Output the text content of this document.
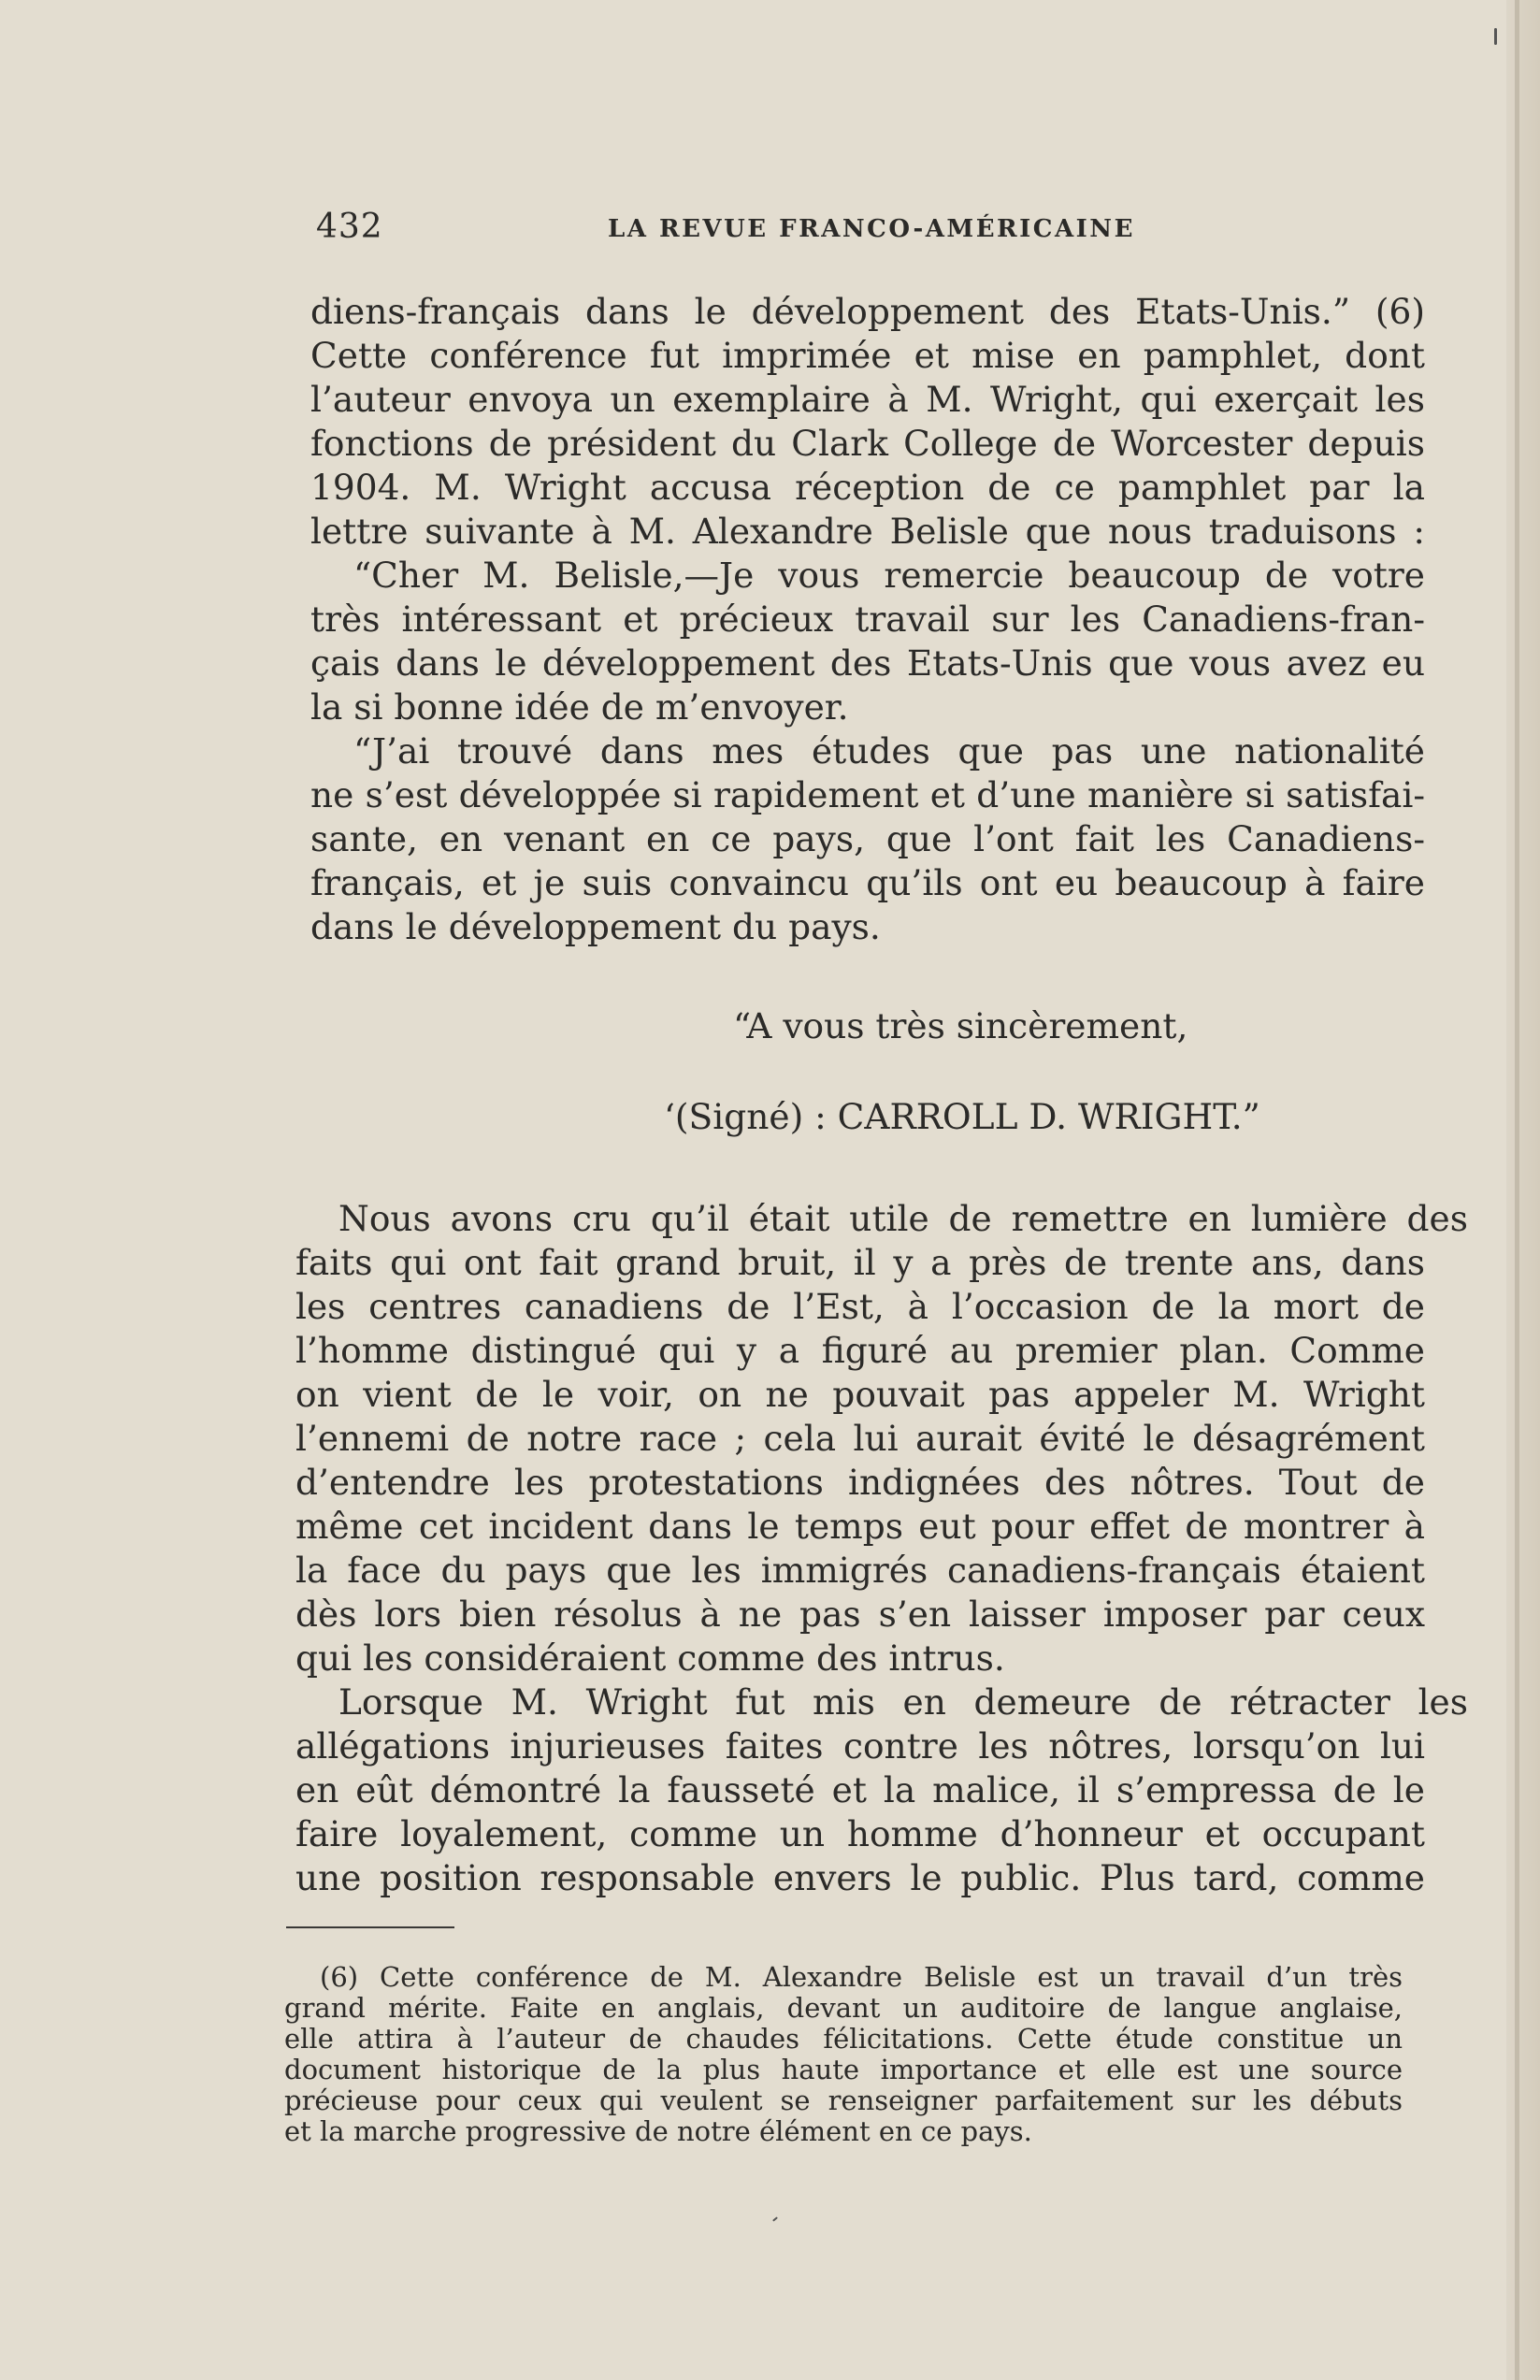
432	LA REVUE FRANCO-AMÉRICAINE
diens-français dans le développement des Etats-Unis.” (6)
Cette conférence fut imprimée et mise en pamphlet, dont
l’auteur envoya un exemplaire à M. Wright, qui exerçait les
fonctions de président du Clark College de Worcester depuis
1904. M. Wright accusa réception de ce pamphlet par la
lettre suivante à M. Alexandre Belisle que nous traduisons :
“Cher M. Belisle,—Je vous remercie beaucoup de votre
très intéressant et précieux travail sur les Canadiens-fran-
çais dans le développement des Etats-Unis que vous avez eu
la si bonne idée de m’envoyer.
“J’ai trouvé dans mes études que pas une nationalité
ne s’est développée si rapidement et d’une manière si satisfai-
sante, en venant en ce pays, que l’ont fait les Canadiens-
français, et je suis convaincu qu’ils ont eu beaucoup à faire
dans le développement du pays.
“A vous très sincèrement,
‘(Signé) : CARROLL D. WRIGHT.”
Nous avons cru qu’il était utile de remettre en lumière des
faits qui ont fait grand bruit, il y a près de trente ans, dans
les centres canadiens de l’Est, à l’occasion de la mort de
l’homme distingué qui y a figuré au premier plan. Comme
on vient de le voir, on ne pouvait pas appeler M. Wright
l’ennemi de notre race ; cela lui aurait évité le désagrément
d’entendre les protestations indignées des nôtres. Tout de
même cet incident dans le temps eut pour effet de montrer à
la face du pays que les immigrés canadiens-français étaient
dès lors bien résolus à ne pas s’en laisser imposer par ceux
qui les considéraient comme des intrus.
Lorsque M. Wright fut mis en demeure de rétracter les
allégations injurieuses faites contre les nôtres, lorsqu’on lui
en eût démontré la fausseté et la malice, il s’empressa de le
faire loyalement, comme un homme d’honneur et occupant
une position responsable envers le public. Plus tard, comme
(6) Cette conférence de M. Alexandre Belisle est un travail d’un très
grand mérite. Faite en anglais, devant un auditoire de langue anglaise,
elle attira à l’auteur de chaudes félicitations. Cette étude constitue un
document historique de la plus haute importance et elle est une source
précieuse pour ceux qui veulent se renseigner parfaitement sur les débuts
et la marche progressive de notre élément en ce pays.
